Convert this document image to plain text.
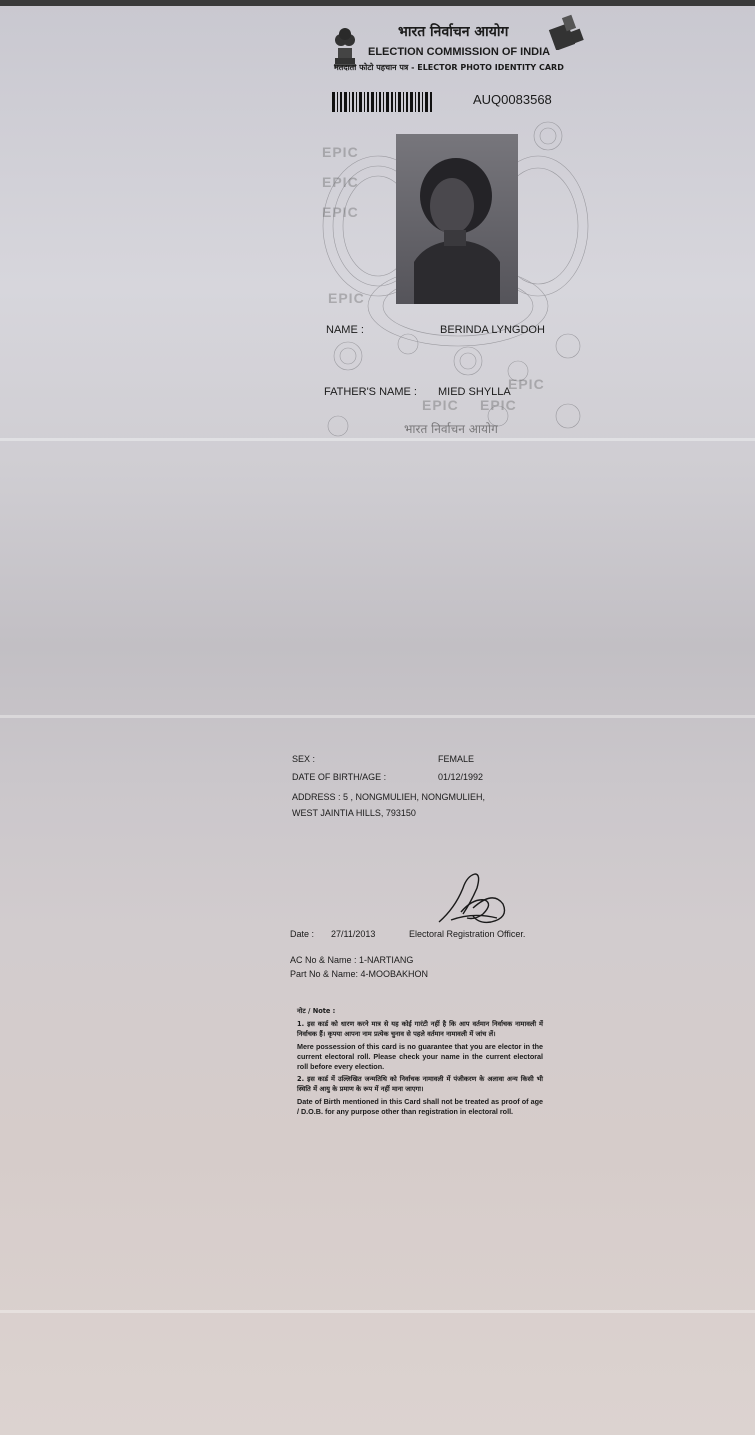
EPIC
EPIC
EPIC
EPIC
EPIC
EPIC EPIC
भारत निर्वाचन आयोग
ELECTION COMMISSION OF INDIA
मतदाता फोटो पहचान पत्र - ELECTOR PHOTO IDENTITY CARD
AUQ0083568
NAME :	BERINDA LYNGDOH
FATHER'S NAME : MIED SHYLLA
भारत निर्वाचन आयोग
SEX :	FEMALE
DATE OF BIRTH/AGE :	01/12/1992
ADDRESS : 5 , NONGMULIEH, NONGMULIEH,
WEST JAINTIA HILLS, 793150
Date : 27/11/2013	Electoral Registration Officer.
AC No & Name : 1-NARTIANG
Part No & Name: 4-MOOBAKHON

नोट / Note :

1. इस कार्ड को धारण करने मात्र से यह कोई गारंटी नहीं है कि आप वर्तमान निर्वाचक नामावली में निर्वाचक हैं। कृपया आपना नाम प्रत्येक चुनाव से पहले वर्तमान नामावली में जांच लें।

Mere possession of this card is no guarantee that you are elector in the current electoral roll. Please check your name in the current electoral roll before every election.

2. इस कार्ड में उल्लिखित जन्मतिथि को निर्वाचक नामावली में पंजीकरण के अलावा अन्य किसी भी स्थिति में आयु के प्रमाण के रूप में नहीं माना जाएगा।

Date of Birth mentioned in this Card shall not be treated as proof of age / D.O.B. for any purpose other than registration in electoral roll.
